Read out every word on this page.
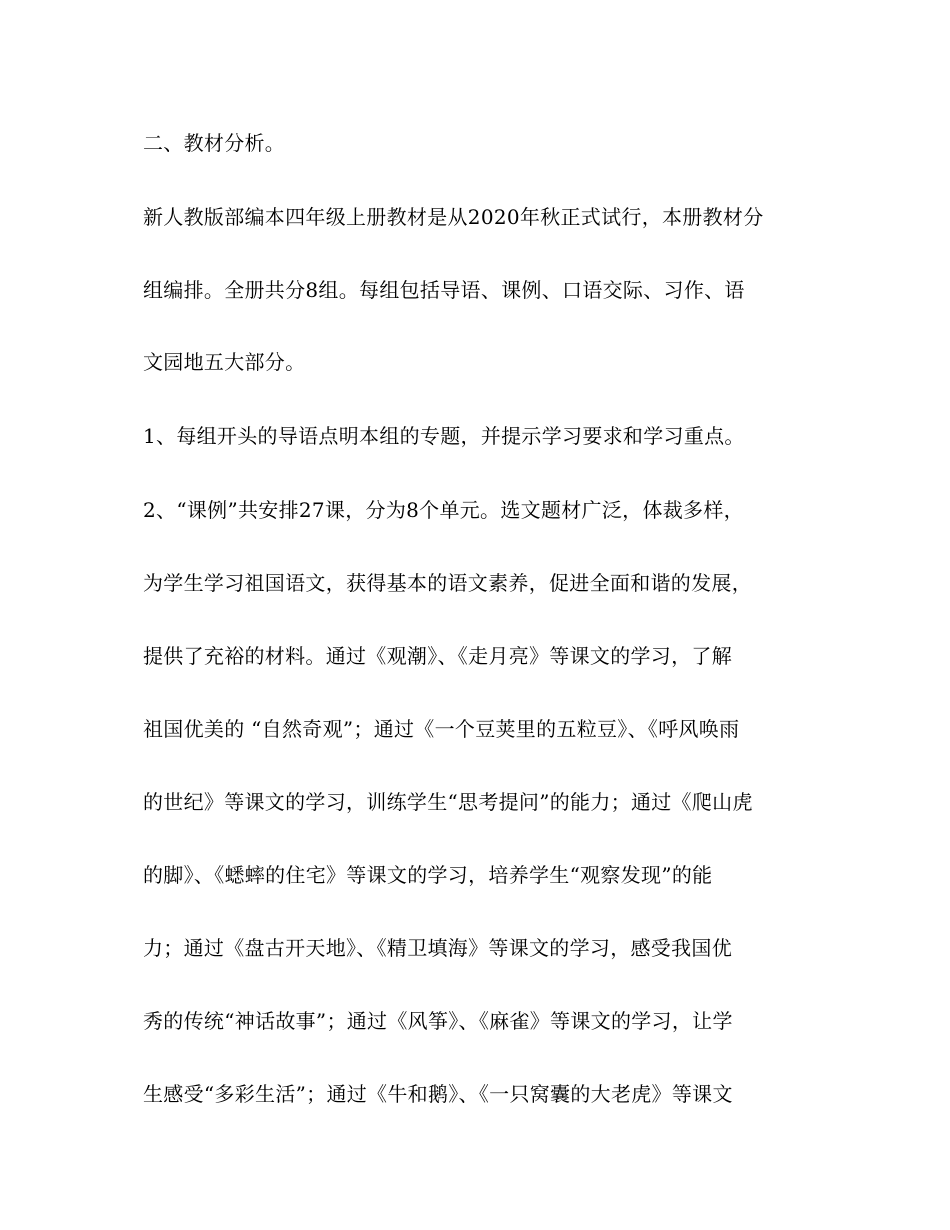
二、教材分析。
新人教版部编本四年级上册教材是从2020年秋正式试行，本册教材分
组编排。全册共分8组。每组包括导语、课例、口语交际、习作、语
文园地五大部分。
1、每组开头的导语点明本组的专题，并提示学习要求和学习重点。
2、“课例”共安排27课，分为8个单元。选文题材广泛，体裁多样，
为学生学习祖国语文，获得基本的语文素养，促进全面和谐的发展，
提供了充裕的材料。通过《观潮》、《走月亮》等课文的学习，了解
祖国优美的 “自然奇观”；通过《一个豆荚里的五粒豆》、《呼风唤雨
的世纪》等课文的学习，训练学生“思考提问”的能力；通过《爬山虎
的脚》、《蟋蟀的住宅》等课文的学习，培养学生“观察发现”的能
力；通过《盘古开天地》、《精卫填海》等课文的学习，感受我国优
秀的传统“神话故事”；通过《风筝》、《麻雀》等课文的学习，让学
生感受“多彩生活”；通过《牛和鹅》、《一只窝囊的大老虎》等课文
